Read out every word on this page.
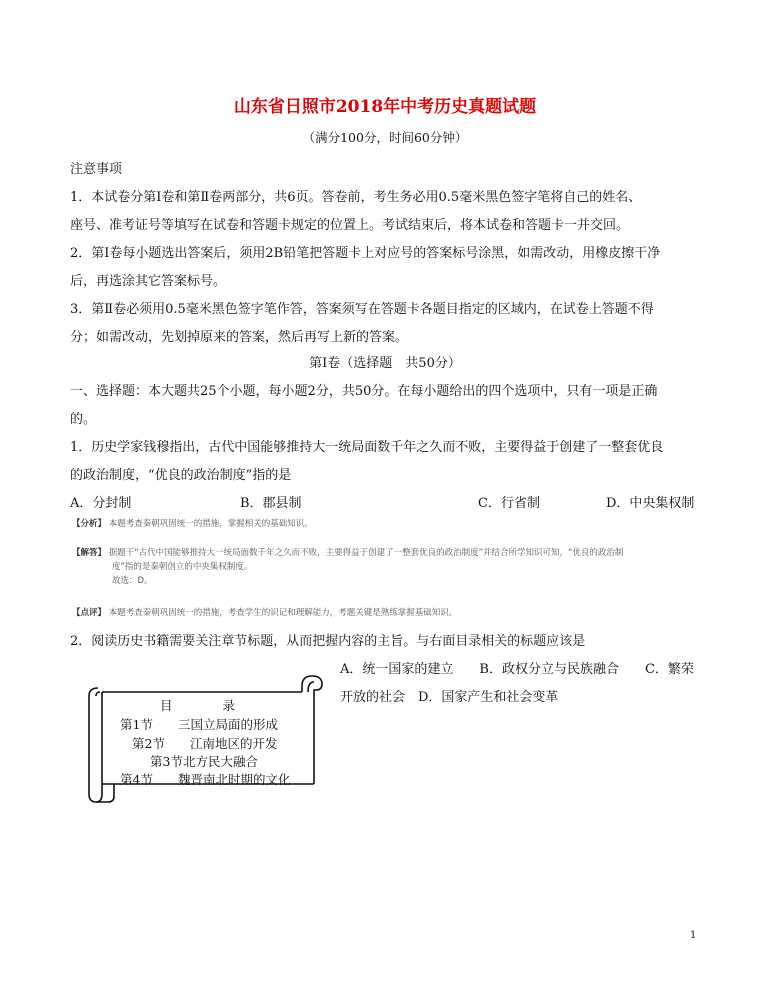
山东省日照市2018年中考历史真题试题
（满分100分，时间60分钟）
注意事项
1．本试卷分第Ⅰ卷和第Ⅱ卷两部分，共6页。答卷前，考生务必用0.5毫米黑色签字笔将自己的姓名、
座号、准考证号等填写在试卷和答题卡规定的位置上。考试结束后，将本试卷和答题卡一并交回。
2．第Ⅰ卷每小题选出答案后，须用2B铅笔把答题卡上对应号的答案标号涂黑，如需改动，用橡皮擦干净
后，再选涂其它答案标号。
3．第Ⅱ卷必须用0.5毫米黑色签字笔作答，答案须写在答题卡各题目指定的区域内，在试卷上答题不得
分；如需改动，先划掉原来的答案，然后再写上新的答案。
第Ⅰ卷（选择题　共50分）
一、选择题：本大题共25个小题，每小题2分，共50分。在每小题给出的四个选项中，只有一项是正确
的。
1．历史学家钱穆指出，古代中国能够推持大一统局面数千年之久而不败，主要得益于创建了一整套优良
的政治制度，“优良的政治制度”指的是
A．分封制	B．郡县制	C．行省制	D．中央集权制
【分析】 本题考查秦朝巩固统一的措施，掌握相关的基础知识。
【解答】 据题干“古代中国能够推持大一统局面数千年之久而不败，主要得益于创建了一整套优良的政治制度”并结合所学知识可知，“优良的政治制
度”指的是秦朝创立的中央集权制度。
故选：D。
【点评】 本题考查秦朝巩固统一的措施，考查学生的识记和理解能力，考题关键是熟练掌握基础知识。
2．阅读历史书籍需要关注章节标题，从而把握内容的主旨。与右面目录相关的标题应该是
A．统一国家的建立　　B．政权分立与民族融合　　C．繁荣
开放的社会　D．国家产生和社会变革
目　　　　录
第1节　　三国立局面的形成
第2节　　江南地区的开发
第3节北方民大融合
第4节　　魏晋南北时期的文化
1
